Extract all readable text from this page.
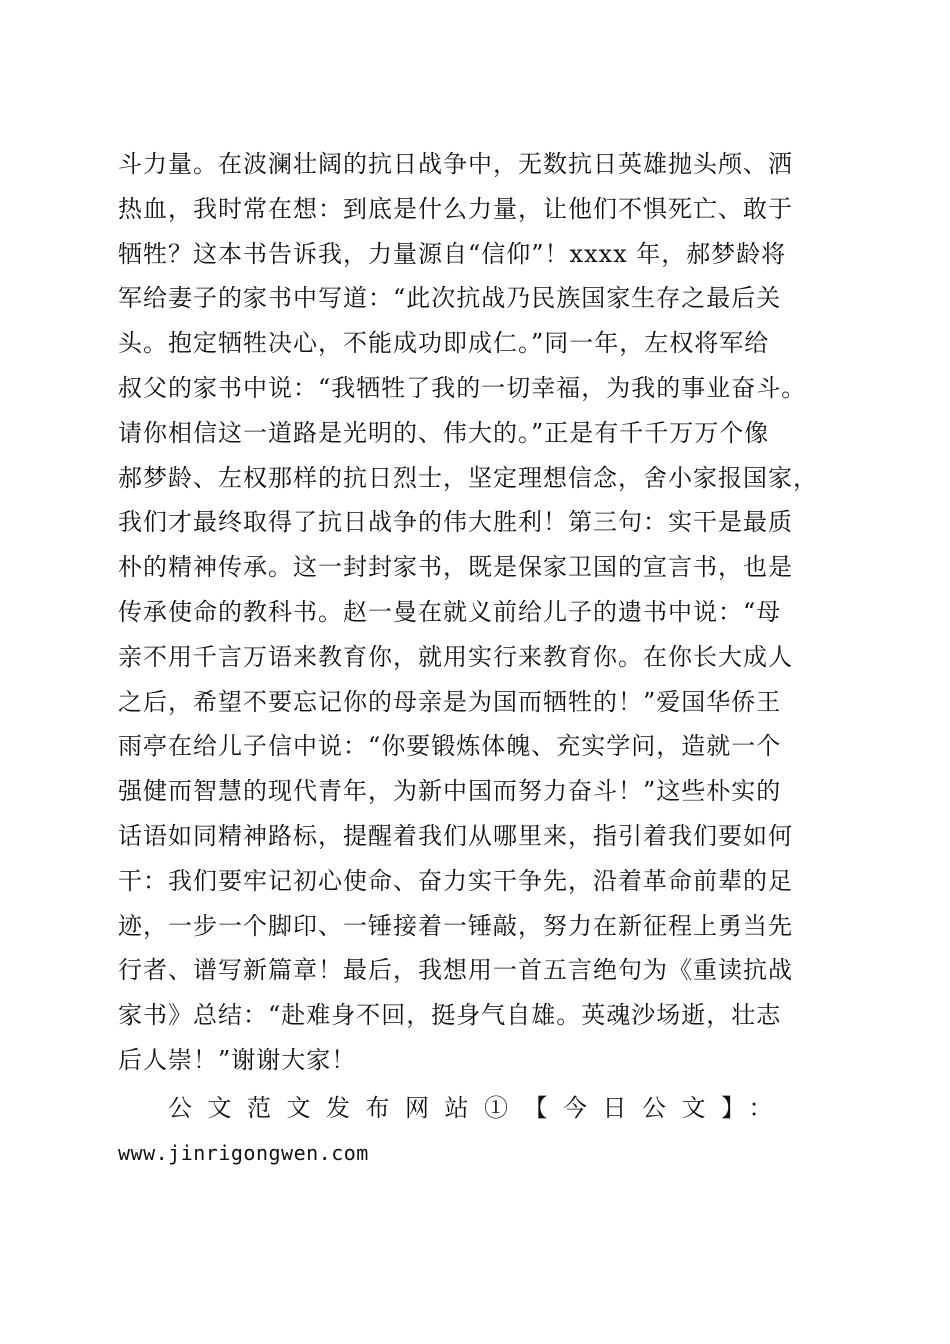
斗力量。在波澜壮阔的抗日战争中，无数抗日英雄抛头颅、洒
热血，我时常在想：到底是什么力量，让他们不惧死亡、敢于
牺牲？这本书告诉我，力量源自“信仰”！xxxx 年，郝梦龄将
军给妻子的家书中写道：“此次抗战乃民族国家生存之最后关
头。抱定牺牲决心，不能成功即成仁。”同一年，左权将军给
叔父的家书中说：“我牺牲了我的一切幸福，为我的事业奋斗。
请你相信这一道路是光明的、伟大的。”正是有千千万万个像
郝梦龄、左权那样的抗日烈士，坚定理想信念，舍小家报国家，
我们才最终取得了抗日战争的伟大胜利！第三句：实干是最质
朴的精神传承。这一封封家书，既是保家卫国的宣言书，也是
传承使命的教科书。赵一曼在就义前给儿子的遗书中说：“母
亲不用千言万语来教育你，就用实行来教育你。在你长大成人
之后，希望不要忘记你的母亲是为国而牺牲的！”爱国华侨王
雨亭在给儿子信中说：“你要锻炼体魄、充实学问，造就一个
强健而智慧的现代青年，为新中国而努力奋斗！”这些朴实的
话语如同精神路标，提醒着我们从哪里来，指引着我们要如何
干：我们要牢记初心使命、奋力实干争先，沿着革命前辈的足
迹，一步一个脚印、一锤接着一锤敲，努力在新征程上勇当先
行者、谱写新篇章！最后，我想用一首五言绝句为《重读抗战
家书》总结：“赴难身不回，挺身气自雄。英魂沙场逝，壮志
后人崇！”谢谢大家！
公文范文发布网站①【今日公文】：
www.jinrigongwen.com
